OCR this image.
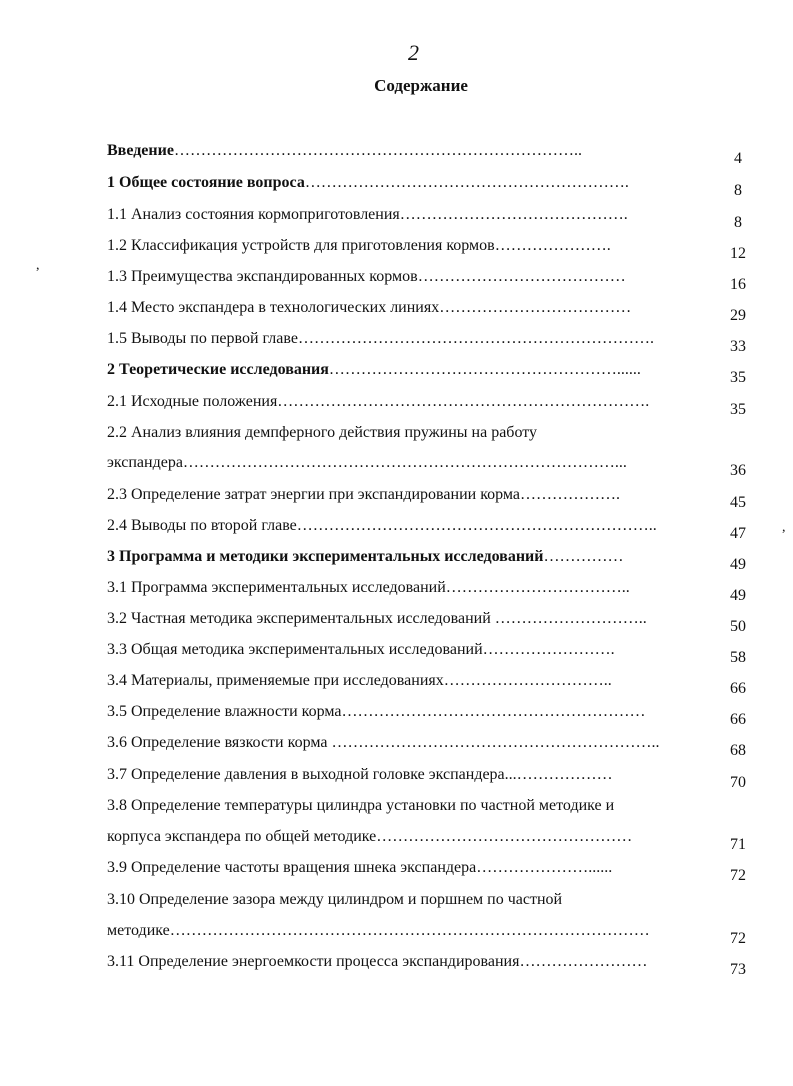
2
Содержание
Введение…………………………………………………………………..	4
1 Общее состояние вопроса…………………………………………………….	8
1.1 Анализ состояния кормоприготовления…………………………………….	8
1.2 Классификация устройств для приготовления кормов………………….	12
1.3 Преимущества экспандированных кормов…………………………………	16
1.4 Место экспандера в технологических линиях………………………………	29
1.5 Выводы по первой главе………………………………………………………….	33
2 Теоретические исследования………………………………………………......	35
2.1 Исходные положения…………………………………………………………….	35
2.2 Анализ влияния демпферного действия пружины на работу
экспандера………………………………………………………………………...	36
2.3 Определение затрат энергии при экспандировании корма……………….	45
2.4 Выводы по второй главе…………………………………………………………..	47
3 Программа и методики экспериментальных исследований……………	49
3.1 Программа экспериментальных исследований……………………………..	49
3.2 Частная методика экспериментальных исследований ………………………..	50
3.3 Общая методика экспериментальных исследований…………………….	58
3.4 Материалы, применяемые при исследованиях…………………………..	66
3.5 Определение влажности корма…………………………………………………	66
3.6 Определение вязкости корма ……………………………………………………..	68
3.7 Определение давления в выходной головке экспандера...………………	70
3.8 Определение температуры цилиндра установки по частной методике и
корпуса экспандера по общей методике…………………………………………	71
3.9 Определение частоты вращения шнека экспандера…………………......	72
3.10 Определение зазора между цилиндром и поршнем по частной
методике………………………………………………………………………………	72
3.11 Определение энергоемкости процесса экспандирования……………………	73
,
,
